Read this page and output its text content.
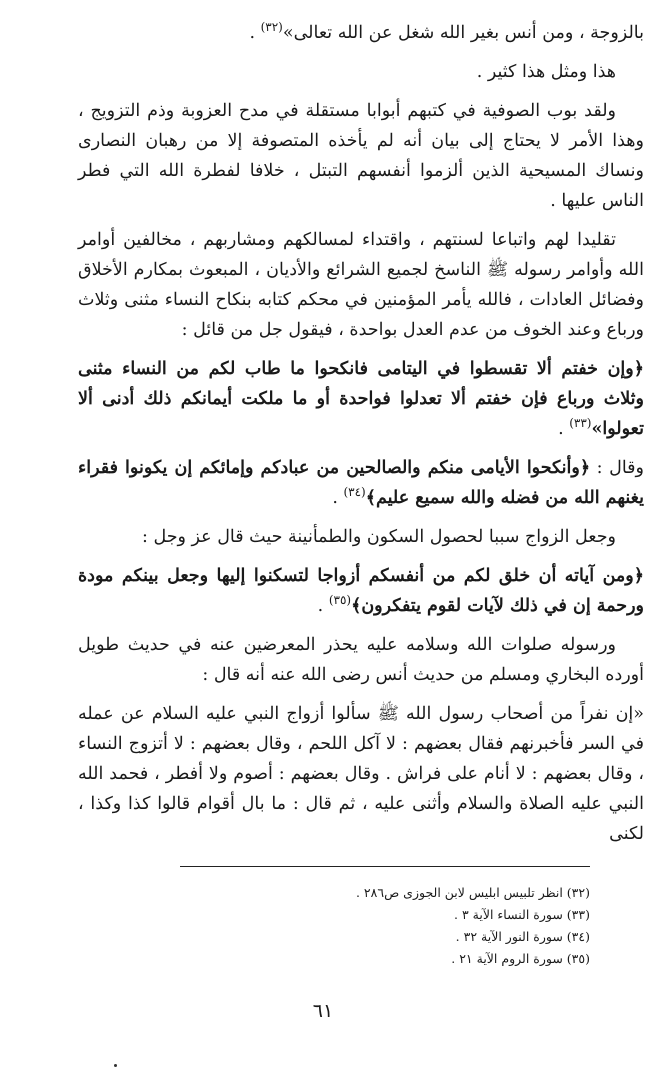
بالزوجة ، ومن أنس بغير الله شغل عن الله تعالى»$^{(٣٢)}$ .

هذا ومثل هذا كثير .

ولقد بوب الصوفية في كتبهم أبوابا مستقلة في مدح العزوبة وذم التزويج ، وهذا الأمر لا يحتاج إلى بيان أنه لم يأخذه المتصوفة إلا من رهبان النصارى ونساك المسيحية الذين ألزموا أنفسهم التبتل ، خلافا لفطرة الله التي فطر الناس عليها .

تقليدا لهم واتباعا لسنتهم ، واقتداء لمسالكهم ومشاربهم ، مخالفين أوامر الله وأوامر رسوله ﷺ الناسخ لجميع الشرائع والأديان ، المبعوث بمكارم الأخلاق وفضائل العادات ، فالله يأمر المؤمنين في محكم كتابه بنكاح النساء مثنى وثلاث ورباع وعند الخوف من عدم العدل بواحدة ، فيقول جل من قائل :

﴿وإن خفتم ألا تقسطوا في اليتامى فانكحوا ما طاب لكم من النساء مثنى وثلاث ورباع فإن خفتم ألا تعدلوا فواحدة أو ما ملكت أيمانكم ذلك أدنى ألا تعولوا»$^{(٣٣)}$ .

وقال : ﴿وأنكحوا الأيامى منكم والصالحين من عبادكم وإمائكم إن يكونوا فقراء يغنهم الله من فضله والله سميع عليم﴾$^{(٣٤)}$ .

وجعل الزواج سببا لحصول السكون والطمأنينة حيث قال عز وجل :

﴿ومن آياته أن خلق لكم من أنفسكم أزواجا لتسكنوا إليها وجعل بينكم مودة ورحمة إن في ذلك لآيات لقوم يتفكرون﴾$^{(٣٥)}$ .

ورسوله صلوات الله وسلامه عليه يحذر المعرضين عنه في حديث طويل أورده البخاري ومسلم من حديث أنس رضى الله عنه أنه قال :

«إن نفراً من أصحاب رسول الله ﷺ سألوا أزواج النبي عليه السلام عن عمله في السر فأخبرنهم فقال بعضهم : لا آكل اللحم ، وقال بعضهم : لا أتزوج النساء ، وقال بعضهم : لا أنام على فراش . وقال بعضهم : أصوم ولا أفطر ، فحمد الله النبي عليه الصلاة والسلام وأثنى عليه ، ثم قال : ما بال أقوام قالوا كذا وكذا ، لكنى

(٣٢) انظر تلبيس ابليس لابن الجوزى ص٢٨٦ .

(٣٣) سورة النساء الآية ٣ .

(٣٤) سورة النور الآية ٣٢ .

(٣٥) سورة الروم الآية ٢١ .

٦١
